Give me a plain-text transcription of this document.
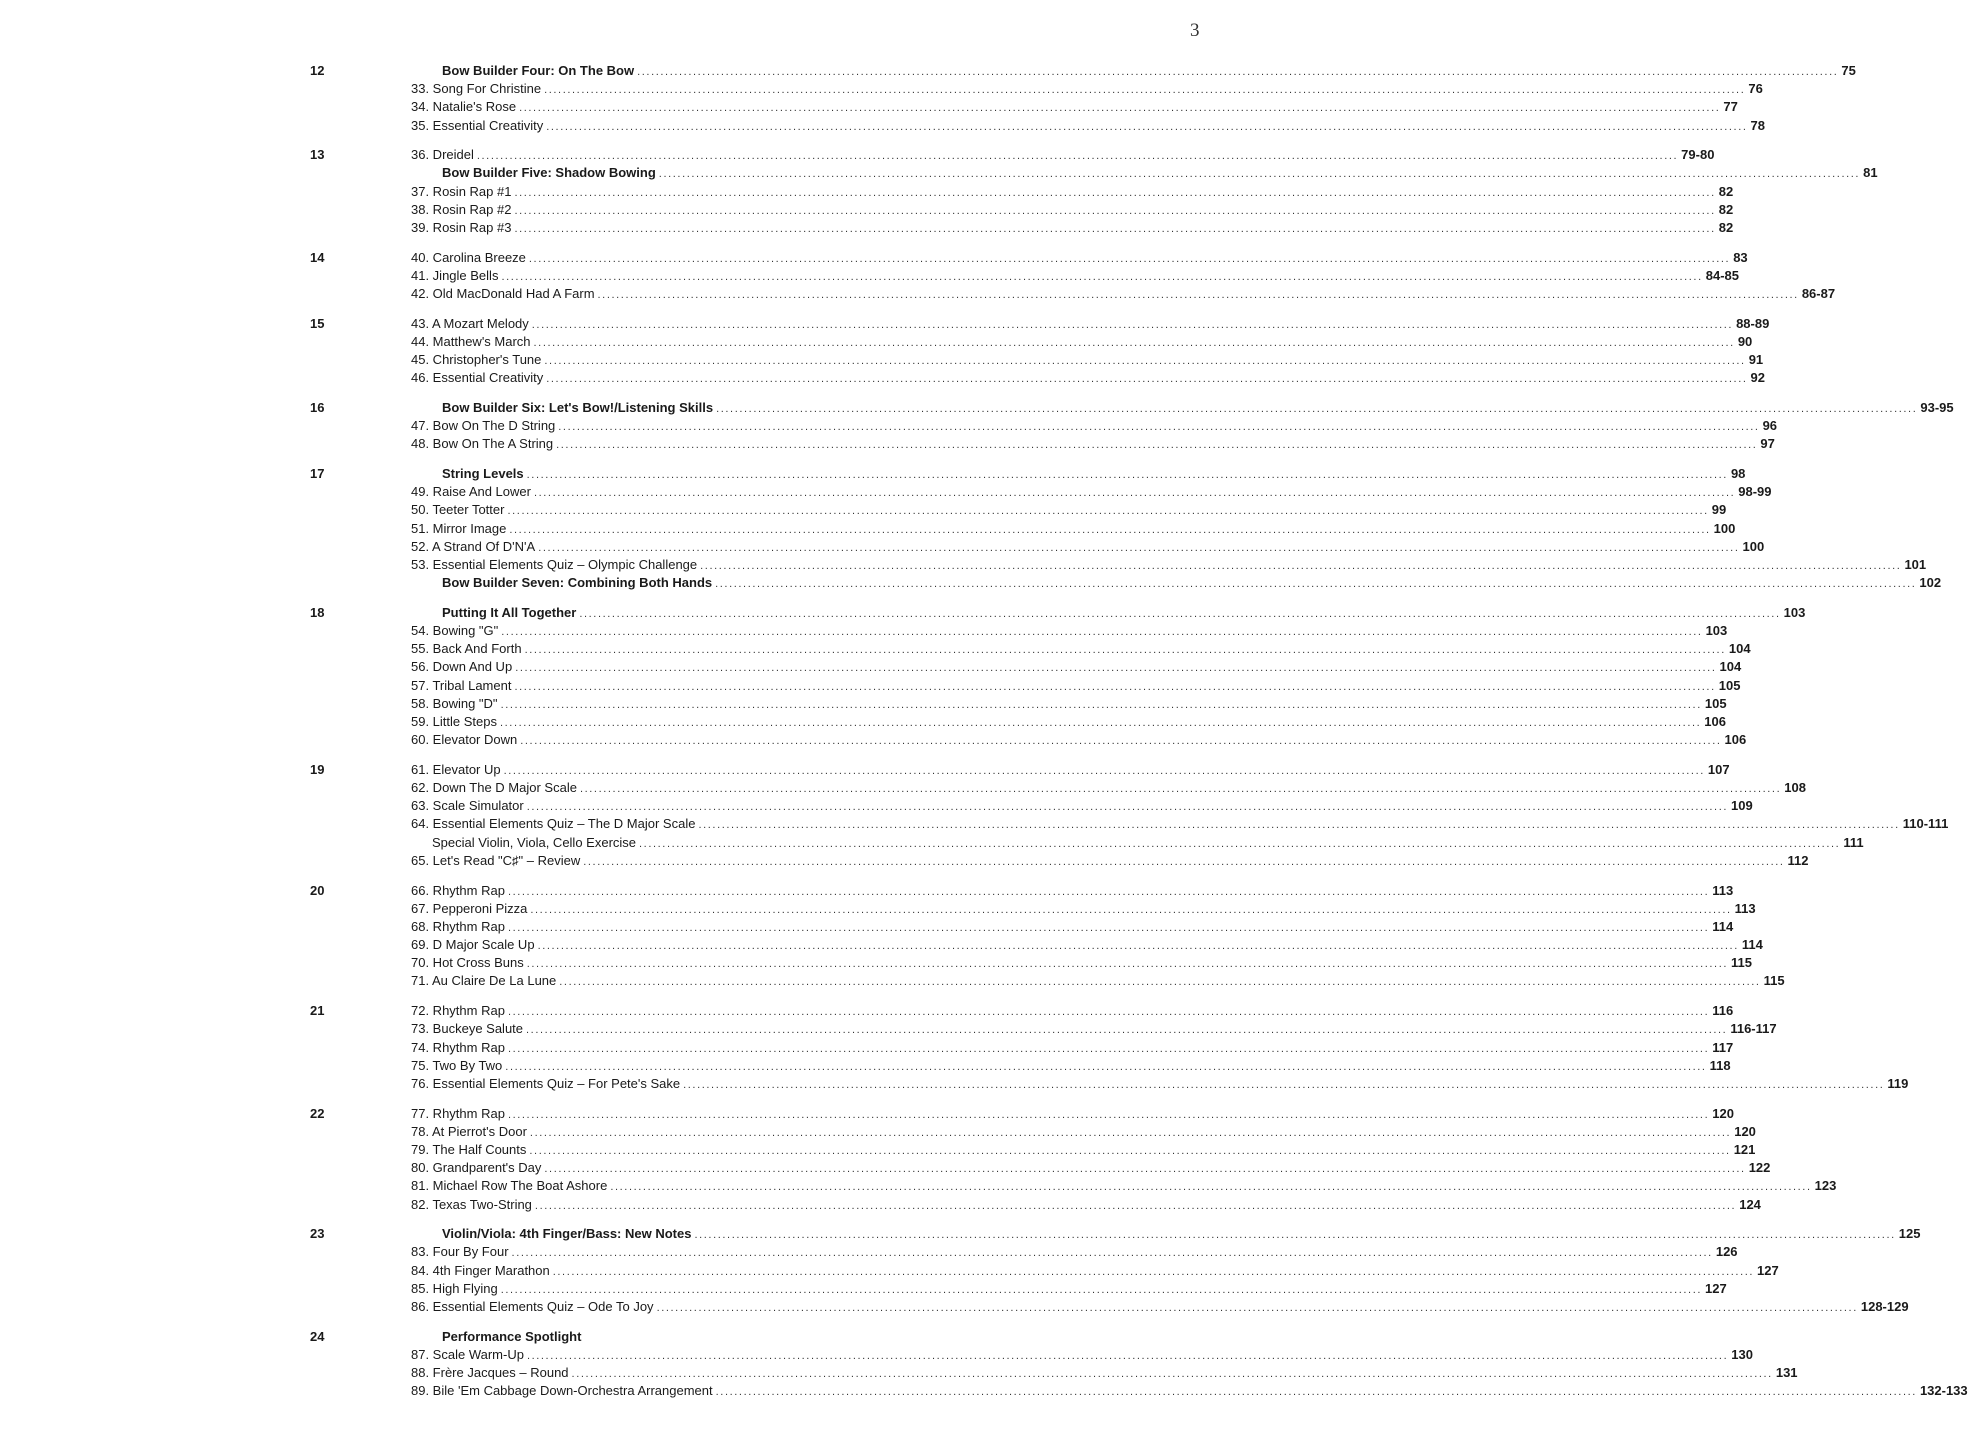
3
12	Bow Builder Four: On The Bow .................................................................................................................................................................................................................................................................. 75
33. Song For Christine .................................................................................................................................................................................................................................................................. 76
34. Natalie's Rose .................................................................................................................................................................................................................................................................. 77
35. Essential Creativity .................................................................................................................................................................................................................................................................. 78
13	36. Dreidel .................................................................................................................................................................................................................................................................. 79-80
Bow Builder Five: Shadow Bowing .................................................................................................................................................................................................................................................................. 81
37. Rosin Rap #1 .................................................................................................................................................................................................................................................................. 82
38. Rosin Rap #2 .................................................................................................................................................................................................................................................................. 82
39. Rosin Rap #3 .................................................................................................................................................................................................................................................................. 82
14	40. Carolina Breeze .................................................................................................................................................................................................................................................................. 83
41. Jingle Bells .................................................................................................................................................................................................................................................................. 84-85
42. Old MacDonald Had A Farm .................................................................................................................................................................................................................................................................. 86-87
15	43. A Mozart Melody .................................................................................................................................................................................................................................................................. 88-89
44. Matthew's March .................................................................................................................................................................................................................................................................. 90
45. Christopher's Tune .................................................................................................................................................................................................................................................................. 91
46. Essential Creativity .................................................................................................................................................................................................................................................................. 92
16	Bow Builder Six: Let's Bow!/Listening Skills .................................................................................................................................................................................................................................................................. 93-95
47. Bow On The D String .................................................................................................................................................................................................................................................................. 96
48. Bow On The A String .................................................................................................................................................................................................................................................................. 97
17	String Levels .................................................................................................................................................................................................................................................................. 98
49. Raise And Lower .................................................................................................................................................................................................................................................................. 98-99
50. Teeter Totter .................................................................................................................................................................................................................................................................. 99
51. Mirror Image .................................................................................................................................................................................................................................................................. 100
52. A Strand Of D'N'A .................................................................................................................................................................................................................................................................. 100
53. Essential Elements Quiz – Olympic Challenge .................................................................................................................................................................................................................................................................. 101
Bow Builder Seven: Combining Both Hands .................................................................................................................................................................................................................................................................. 102
18	Putting It All Together .................................................................................................................................................................................................................................................................. 103
54. Bowing "G" .................................................................................................................................................................................................................................................................. 103
55. Back And Forth .................................................................................................................................................................................................................................................................. 104
56. Down And Up .................................................................................................................................................................................................................................................................. 104
57. Tribal Lament .................................................................................................................................................................................................................................................................. 105
58. Bowing "D" .................................................................................................................................................................................................................................................................. 105
59. Little Steps .................................................................................................................................................................................................................................................................. 106
60. Elevator Down .................................................................................................................................................................................................................................................................. 106
19	61. Elevator Up .................................................................................................................................................................................................................................................................. 107
62. Down The D Major Scale .................................................................................................................................................................................................................................................................. 108
63. Scale Simulator .................................................................................................................................................................................................................................................................. 109
64. Essential Elements Quiz – The D Major Scale .................................................................................................................................................................................................................................................................. 110-111
Special Violin, Viola, Cello Exercise .................................................................................................................................................................................................................................................................. 111
65. Let's Read "C♯" – Review .................................................................................................................................................................................................................................................................. 112
20	66. Rhythm Rap .................................................................................................................................................................................................................................................................. 113
67. Pepperoni Pizza .................................................................................................................................................................................................................................................................. 113
68. Rhythm Rap .................................................................................................................................................................................................................................................................. 114
69. D Major Scale Up .................................................................................................................................................................................................................................................................. 114
70. Hot Cross Buns .................................................................................................................................................................................................................................................................. 115
71. Au Claire De La Lune .................................................................................................................................................................................................................................................................. 115
21	72. Rhythm Rap .................................................................................................................................................................................................................................................................. 116
73. Buckeye Salute .................................................................................................................................................................................................................................................................. 116-117
74. Rhythm Rap .................................................................................................................................................................................................................................................................. 117
75. Two By Two .................................................................................................................................................................................................................................................................. 118
76. Essential Elements Quiz – For Pete's Sake .................................................................................................................................................................................................................................................................. 119
22	77. Rhythm Rap .................................................................................................................................................................................................................................................................. 120
78. At Pierrot's Door .................................................................................................................................................................................................................................................................. 120
79. The Half Counts .................................................................................................................................................................................................................................................................. 121
80. Grandparent's Day .................................................................................................................................................................................................................................................................. 122
81. Michael Row The Boat Ashore .................................................................................................................................................................................................................................................................. 123
82. Texas Two-String .................................................................................................................................................................................................................................................................. 124
23	Violin/Viola: 4th Finger/Bass: New Notes .................................................................................................................................................................................................................................................................. 125
83. Four By Four .................................................................................................................................................................................................................................................................. 126
84. 4th Finger Marathon .................................................................................................................................................................................................................................................................. 127
85. High Flying .................................................................................................................................................................................................................................................................. 127
86. Essential Elements Quiz – Ode To Joy .................................................................................................................................................................................................................................................................. 128-129
24	Performance Spotlight
87. Scale Warm-Up .................................................................................................................................................................................................................................................................. 130
88. Frère Jacques – Round .................................................................................................................................................................................................................................................................. 131
89. Bile 'Em Cabbage Down-Orchestra Arrangement .................................................................................................................................................................................................................................................................. 132-133
